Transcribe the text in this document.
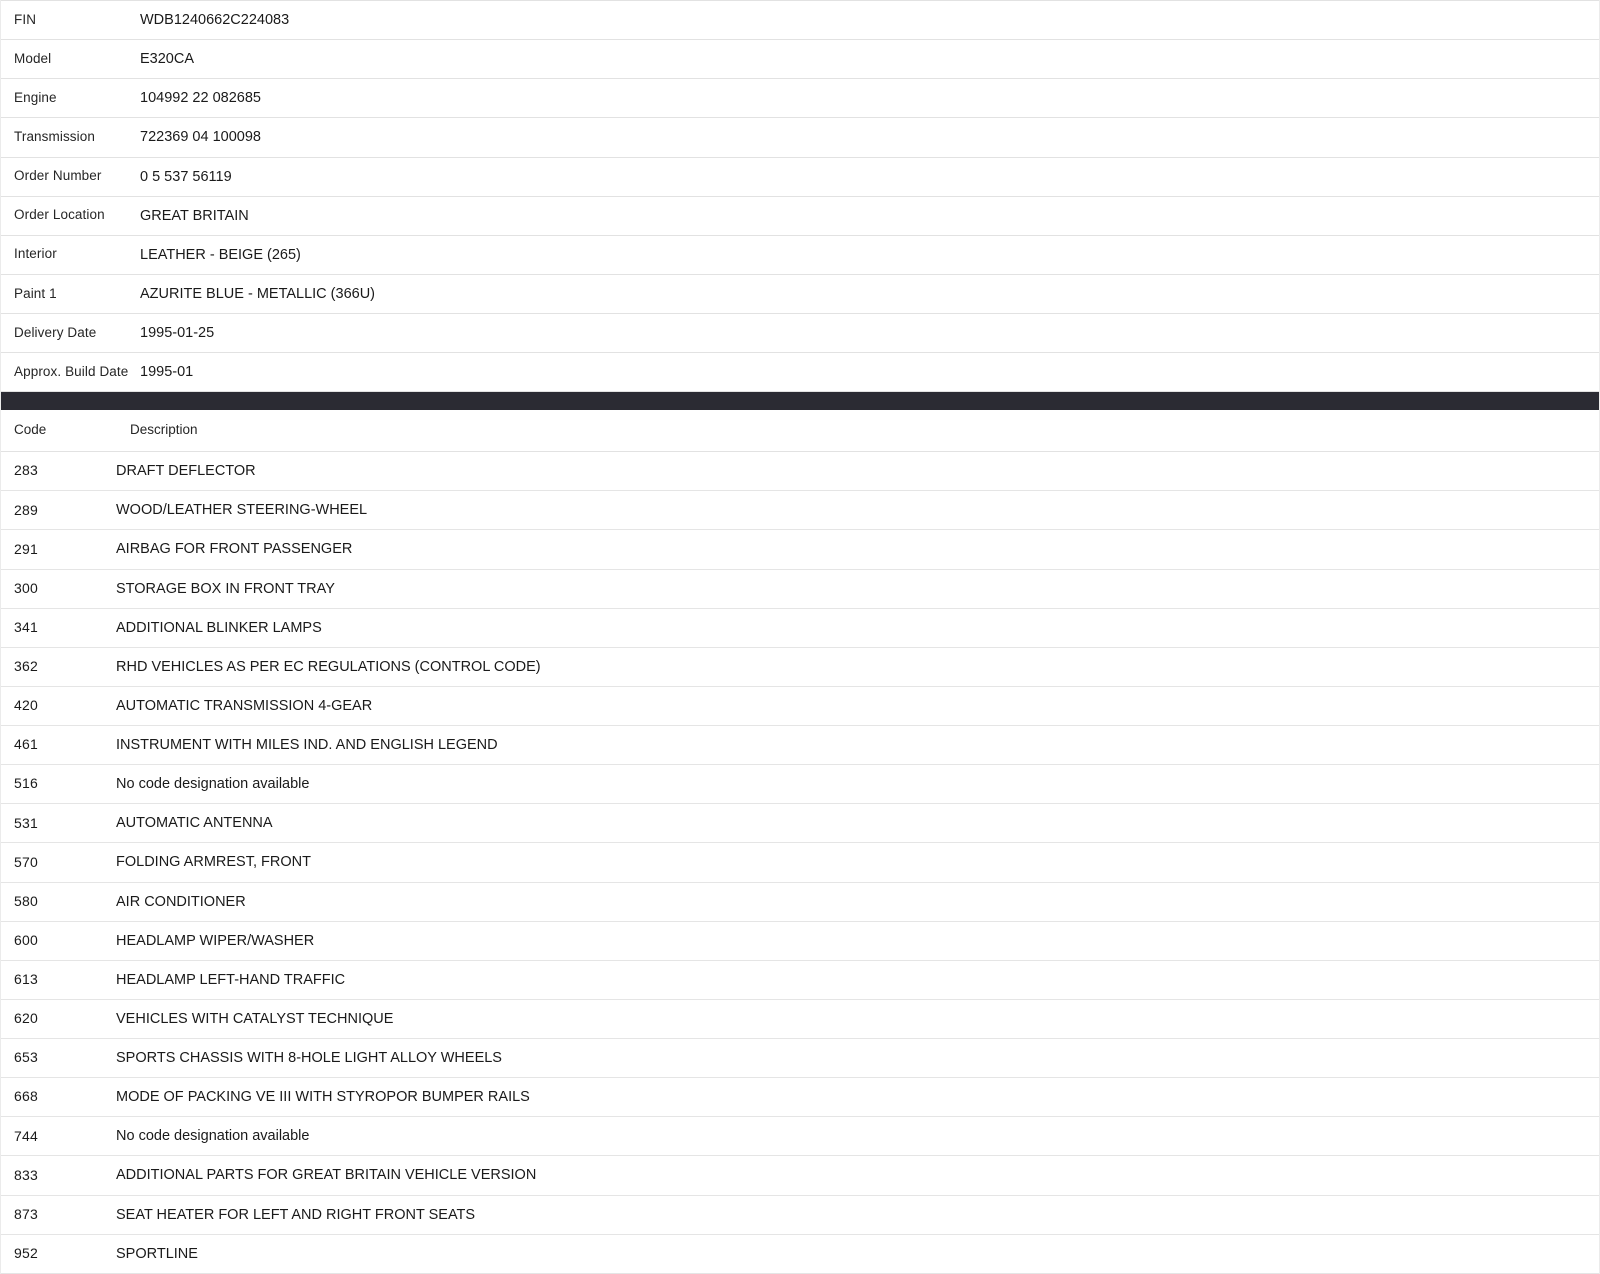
FIN	WDB1240662C224083
Model	E320CA
Engine	104992 22 082685
Transmission	722369 04 100098
Order Number	0 5 537 56119
Order Location	GREAT BRITAIN
Interior	LEATHER - BEIGE (265)
Paint 1	AZURITE BLUE - METALLIC (366U)
Delivery Date	1995-01-25
Approx. Build Date	1995-01
Code	Description
283	DRAFT DEFLECTOR
289	WOOD/LEATHER STEERING-WHEEL
291	AIRBAG FOR FRONT PASSENGER
300	STORAGE BOX IN FRONT TRAY
341	ADDITIONAL BLINKER LAMPS
362	RHD VEHICLES AS PER EC REGULATIONS (CONTROL CODE)
420	AUTOMATIC TRANSMISSION 4-GEAR
461	INSTRUMENT WITH MILES IND. AND ENGLISH LEGEND
516	No code designation available
531	AUTOMATIC ANTENNA
570	FOLDING ARMREST, FRONT
580	AIR CONDITIONER
600	HEADLAMP WIPER/WASHER
613	HEADLAMP LEFT-HAND TRAFFIC
620	VEHICLES WITH CATALYST TECHNIQUE
653	SPORTS CHASSIS WITH 8-HOLE LIGHT ALLOY WHEELS
668	MODE OF PACKING VE III WITH STYROPOR BUMPER RAILS
744	No code designation available
833	ADDITIONAL PARTS FOR GREAT BRITAIN VEHICLE VERSION
873	SEAT HEATER FOR LEFT AND RIGHT FRONT SEATS
952	SPORTLINE
